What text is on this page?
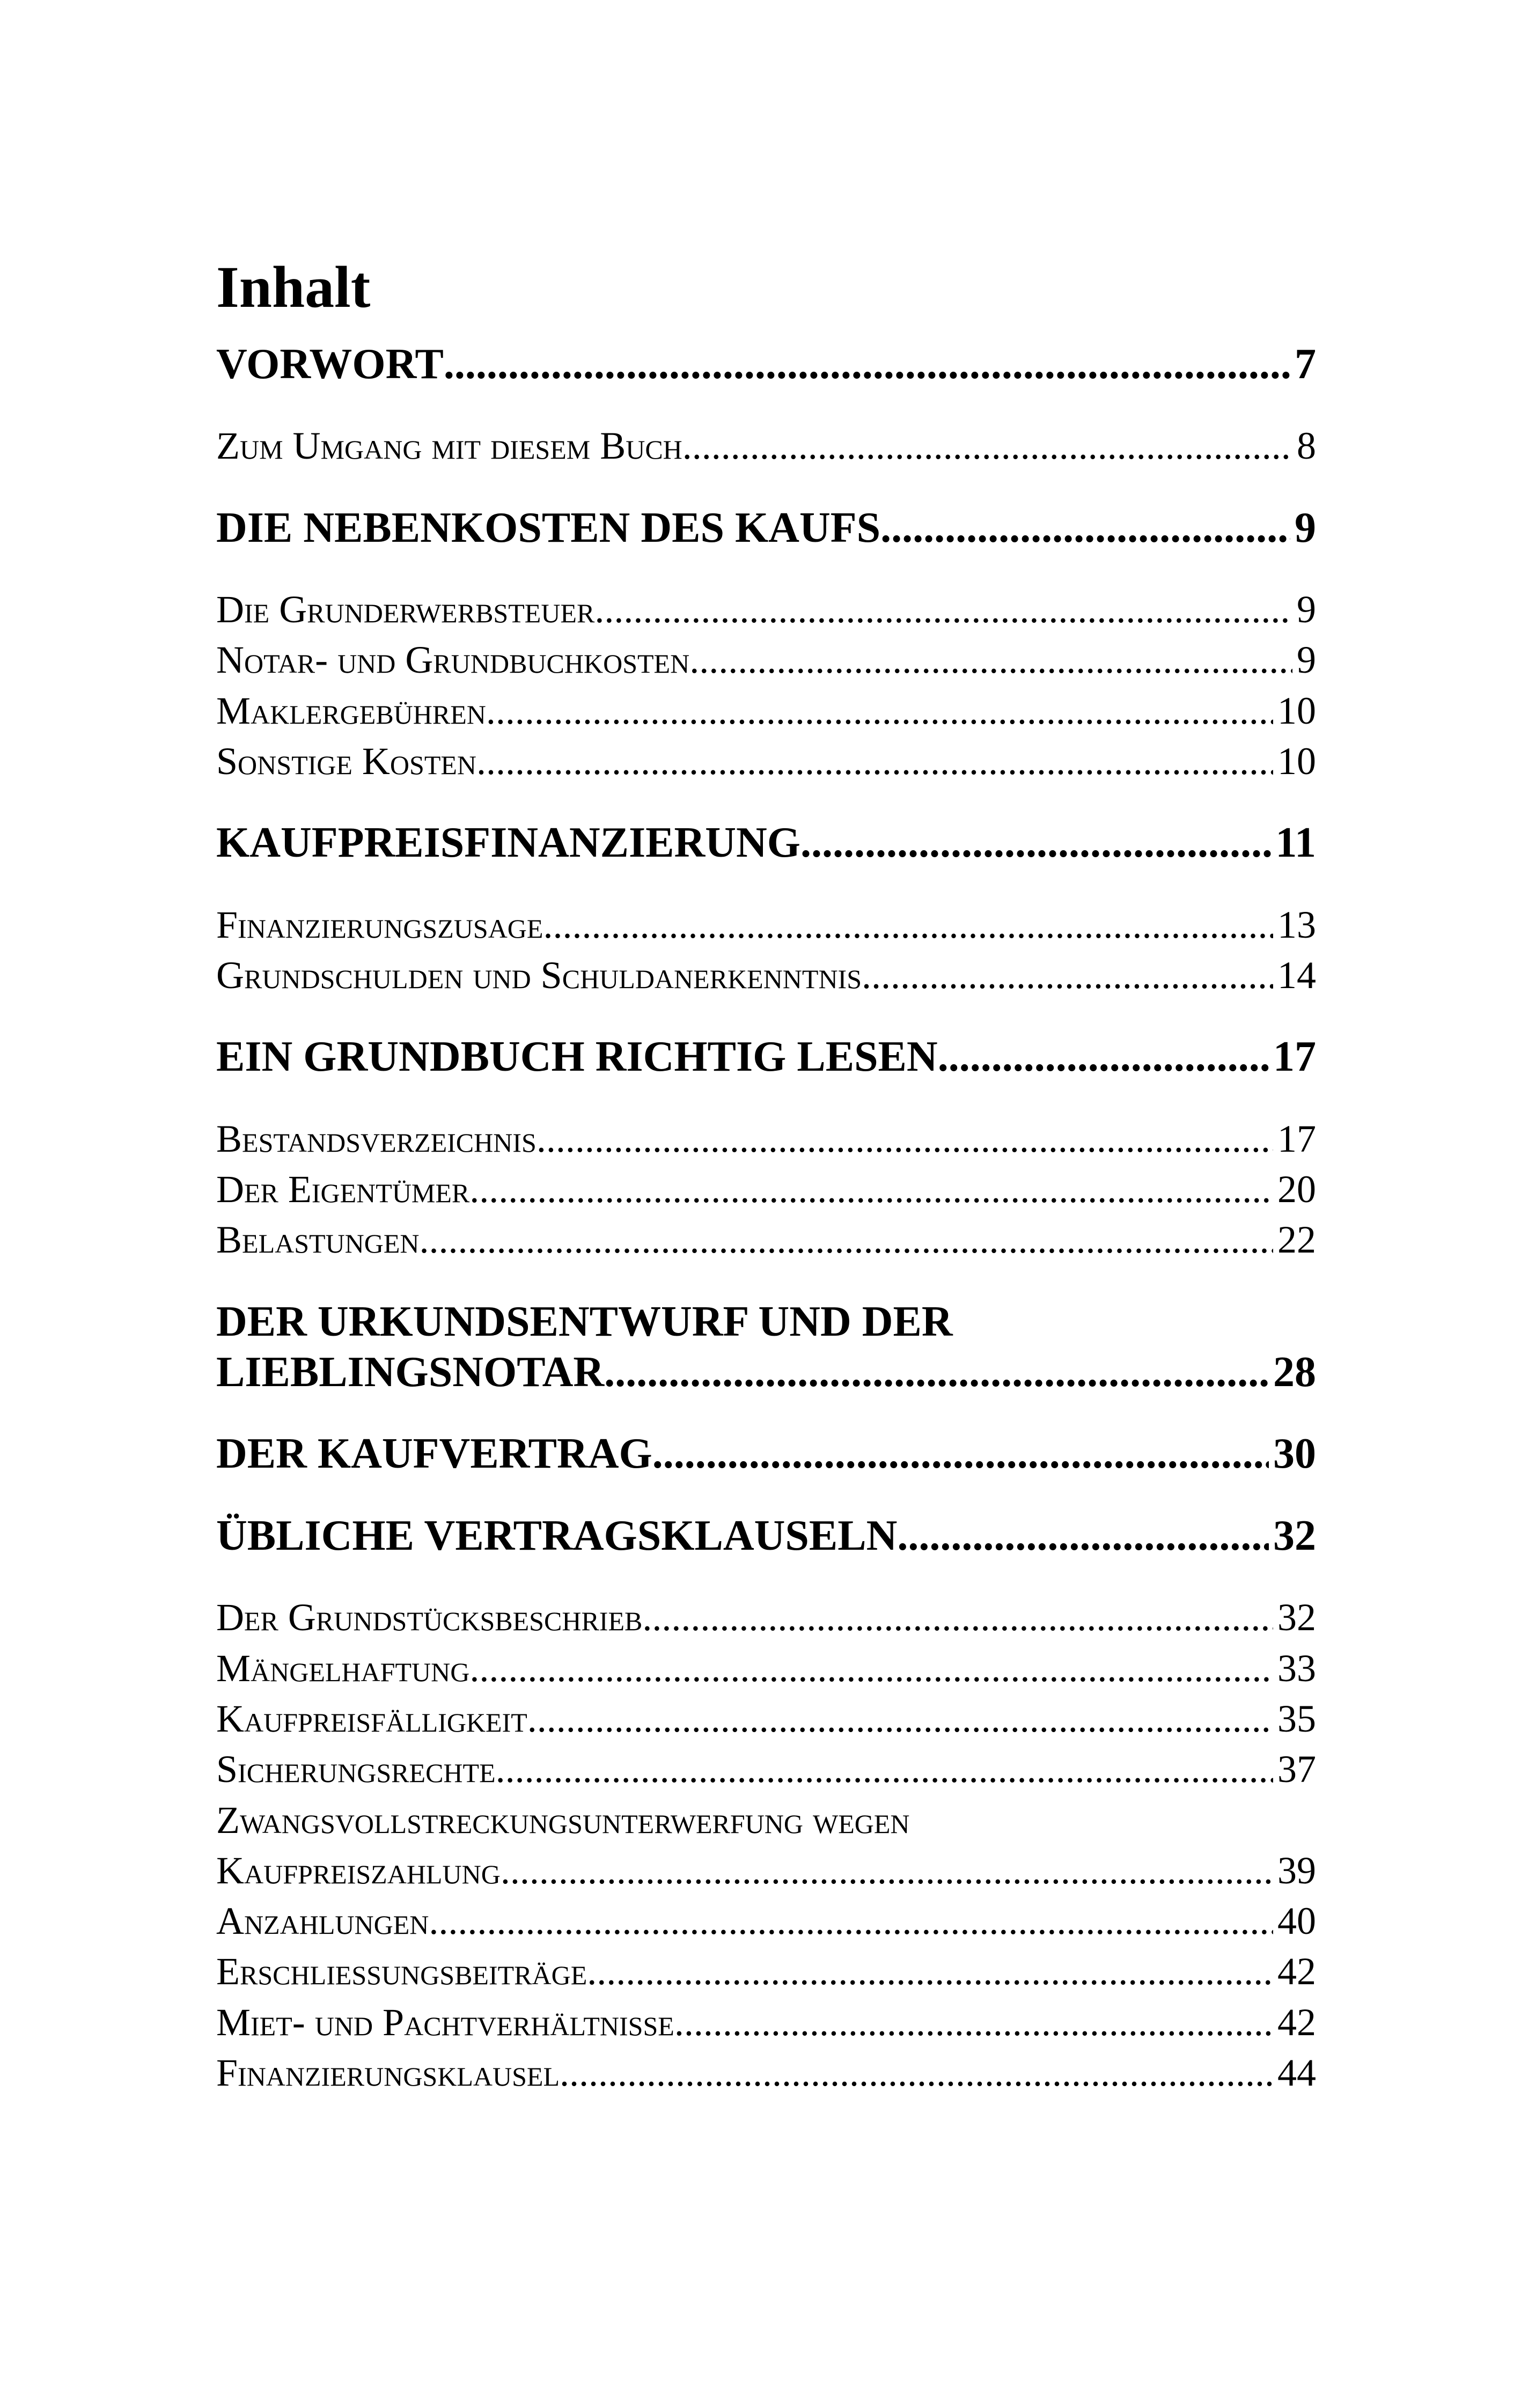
Inhalt
VORWORT .....	7
Zum Umgang mit diesem Buch .....	8
DIE NEBENKOSTEN DES KAUFS .....	9
Die Grunderwerbsteuer .....	9
Notar- und Grundbuchkosten .....	9
Maklergebühren .....	10
Sonstige Kosten .....	10
KAUFPREISFINANZIERUNG .....	11
Finanzierungszusage .....	13
Grundschulden und Schuldanerkenntnis .....	14
EIN GRUNDBUCH RICHTIG LESEN .....	17
Bestandsverzeichnis .....	17
Der Eigentümer .....	20
Belastungen .....	22
DER URKUNDSENTWURF UND DER
LIEBLINGSNOTAR .....	28
DER KAUFVERTRAG .....	30
ÜBLICHE VERTRAGSKLAUSELN .....	32
Der Grundstücksbeschrieb .....	32
Mängelhaftung .....	33
Kaufpreisfälligkeit .....	35
Sicherungsrechte .....	37
Zwangsvollstreckungsunterwerfung wegen
Kaufpreiszahlung .....	39
Anzahlungen .....	40
Erschließungsbeiträge .....	42
Miet- und Pachtverhältnisse .....	42
Finanzierungsklausel .....	44
